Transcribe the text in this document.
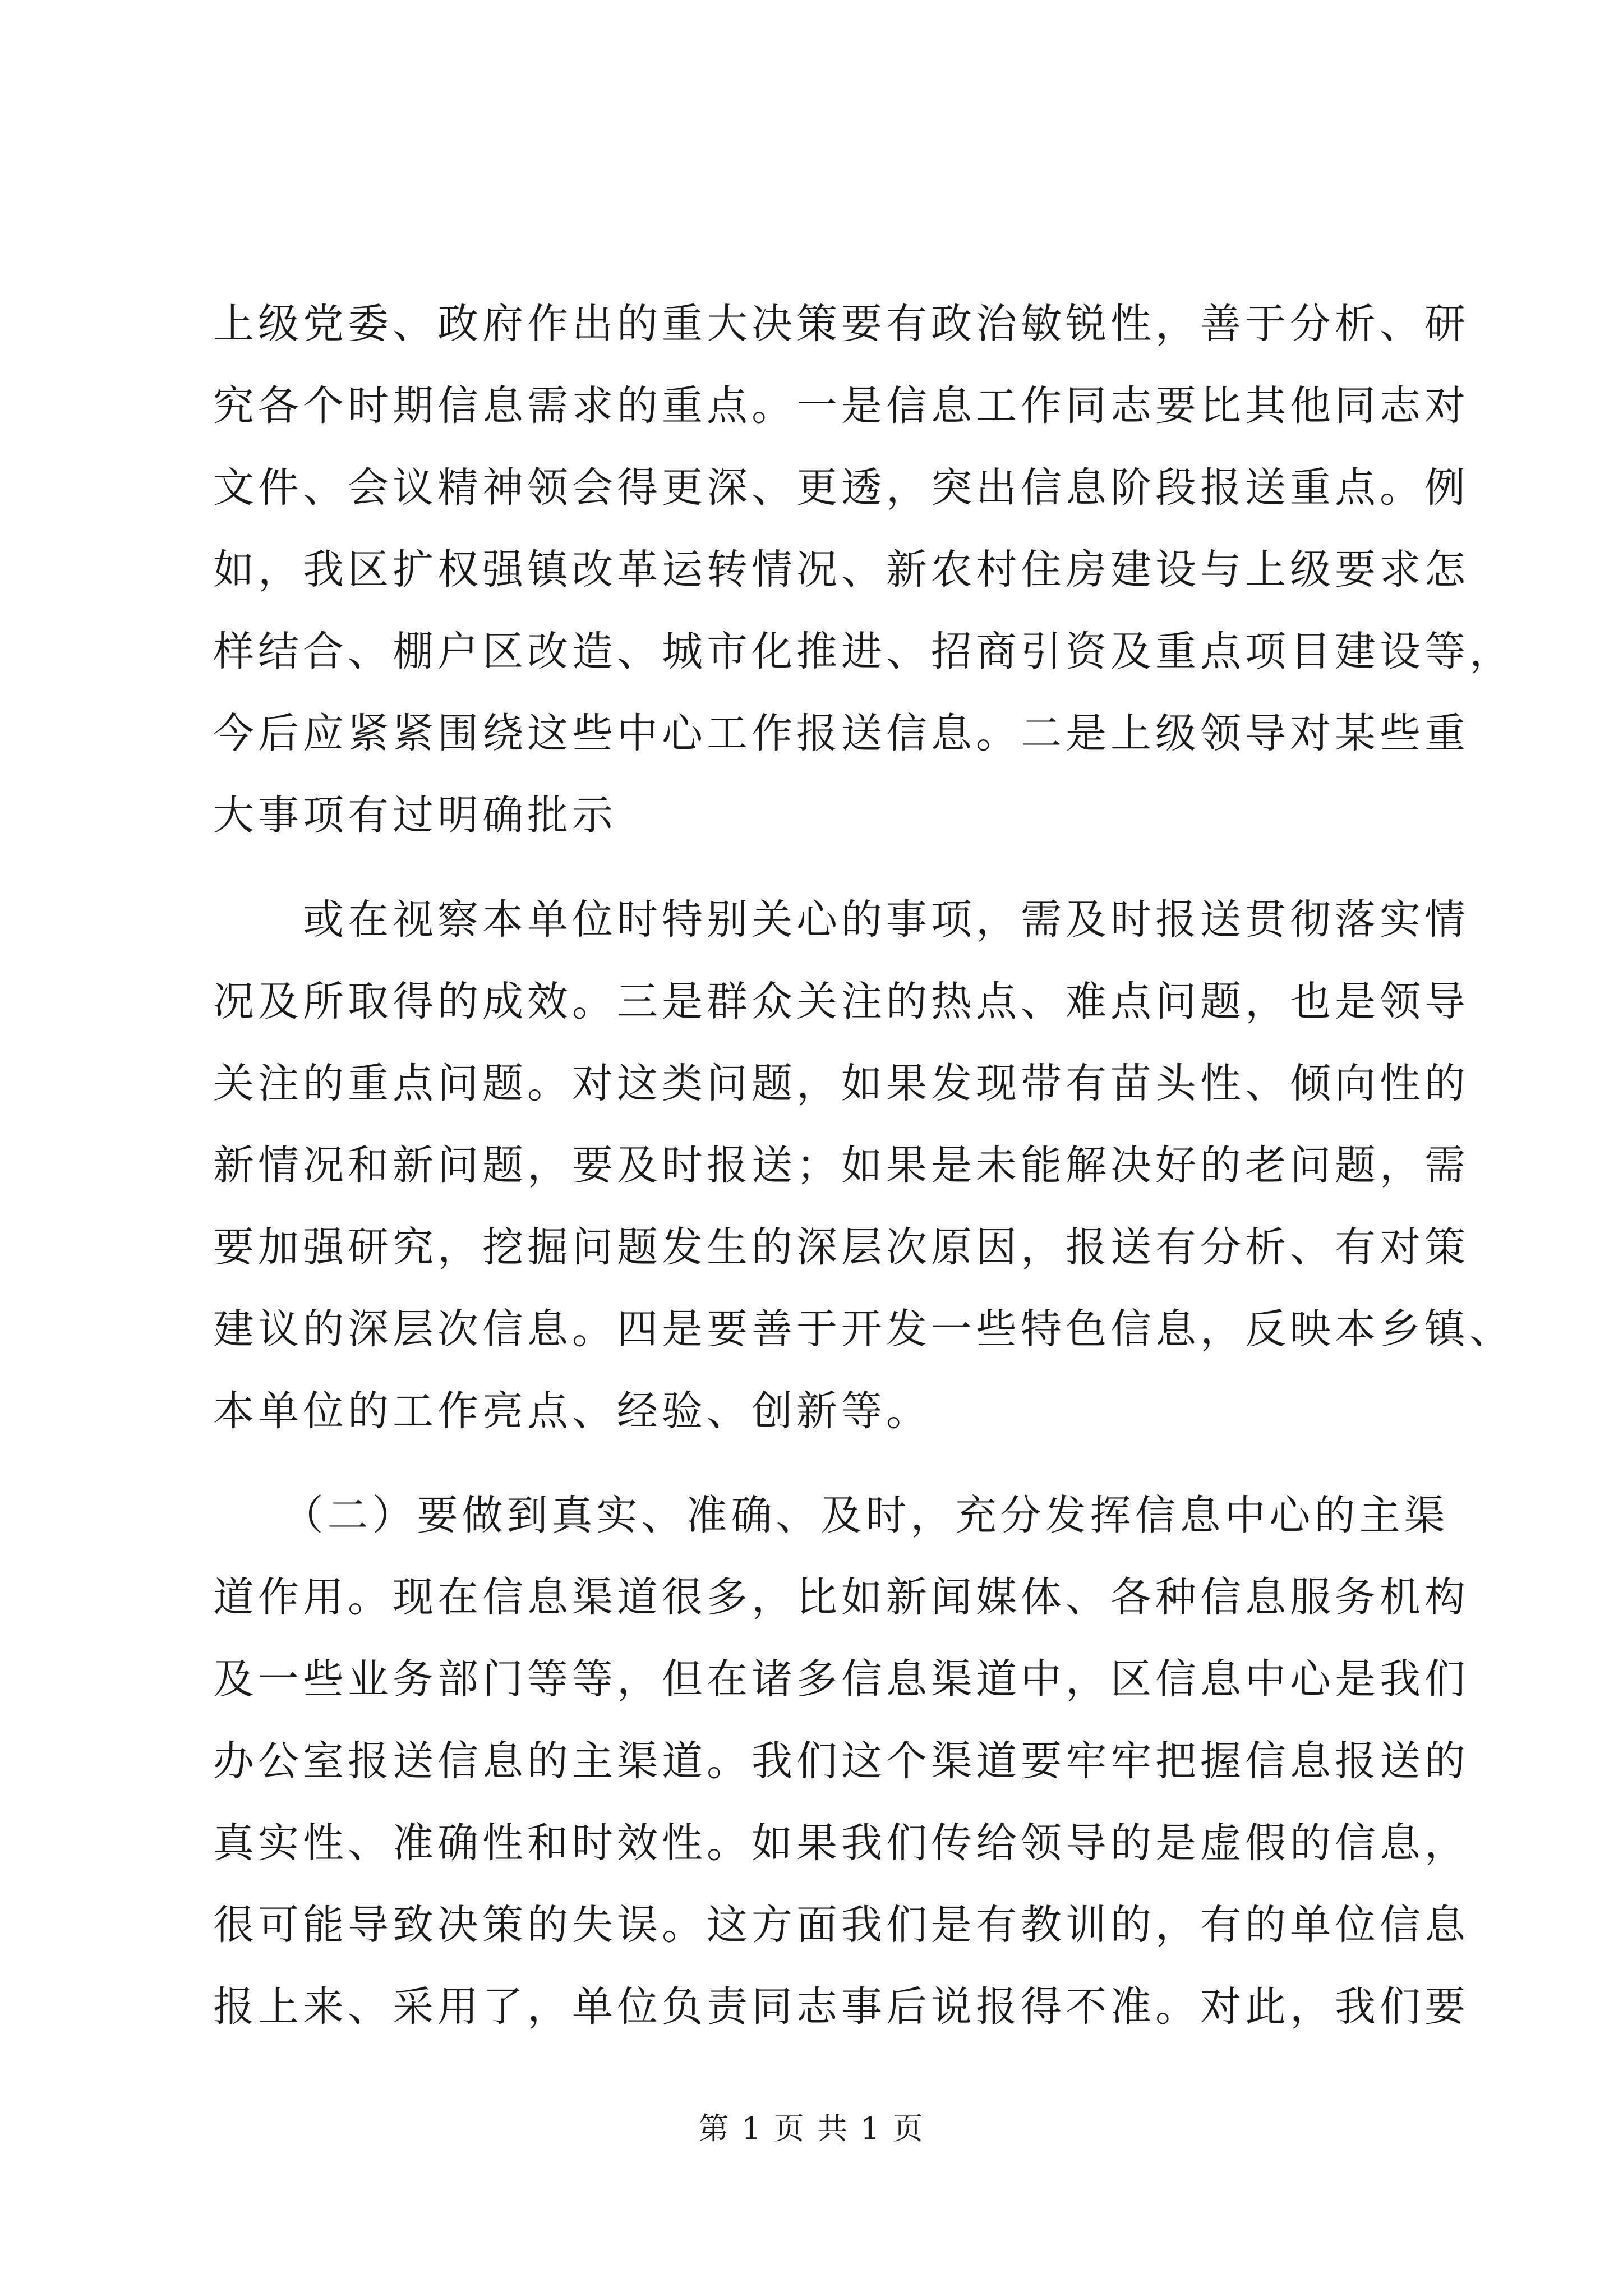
上级党委、政府作出的重大决策要有政治敏锐性，善于分析、研
究各个时期信息需求的重点。一是信息工作同志要比其他同志对
文件、会议精神领会得更深、更透，突出信息阶段报送重点。例
如，我区扩权强镇改革运转情况、新农村住房建设与上级要求怎
样结合、棚户区改造、城市化推进、招商引资及重点项目建设等，
今后应紧紧围绕这些中心工作报送信息。二是上级领导对某些重
大事项有过明确批示
　　或在视察本单位时特别关心的事项，需及时报送贯彻落实情
况及所取得的成效。三是群众关注的热点、难点问题，也是领导
关注的重点问题。对这类问题，如果发现带有苗头性、倾向性的
新情况和新问题，要及时报送；如果是未能解决好的老问题，需
要加强研究，挖掘问题发生的深层次原因，报送有分析、有对策
建议的深层次信息。四是要善于开发一些特色信息，反映本乡镇、
本单位的工作亮点、经验、创新等。
　　（二）要做到真实、准确、及时，充分发挥信息中心的主渠
道作用。现在信息渠道很多，比如新闻媒体、各种信息服务机构
及一些业务部门等等，但在诸多信息渠道中，区信息中心是我们
办公室报送信息的主渠道。我们这个渠道要牢牢把握信息报送的
真实性、准确性和时效性。如果我们传给领导的是虚假的信息，
很可能导致决策的失误。这方面我们是有教训的，有的单位信息
报上来、采用了，单位负责同志事后说报得不准。对此，我们要
第 1 页 共 1 页
